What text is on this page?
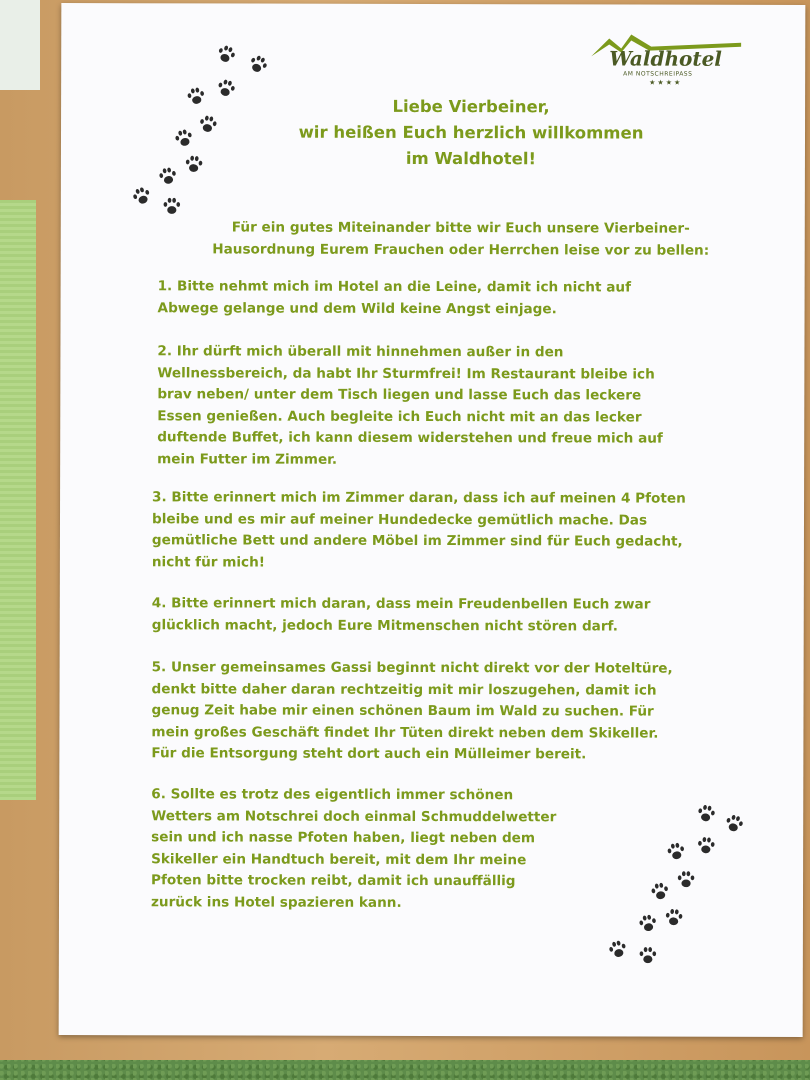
Waldhotel
AM NOTSCHREIPASS
★★★★
Liebe Vierbeiner,
wir heißen Euch herzlich willkommen
im Waldhotel!
Für ein gutes Miteinander bitte wir Euch unsere Vierbeiner-
Hausordnung Eurem Frauchen oder Herrchen leise vor zu bellen:
1. Bitte nehmt mich im Hotel an die Leine, damit ich nicht auf
Abwege gelange und dem Wild keine Angst einjage.
2. Ihr dürft mich überall mit hinnehmen außer in den
Wellnessbereich, da habt Ihr Sturmfrei! Im Restaurant bleibe ich
brav neben/ unter dem Tisch liegen und lasse Euch das leckere
Essen genießen. Auch begleite ich Euch nicht mit an das lecker
duftende Buffet, ich kann diesem widerstehen und freue mich auf
mein Futter im Zimmer.
3. Bitte erinnert mich im Zimmer daran, dass ich auf meinen 4 Pfoten
bleibe und es mir auf meiner Hundedecke gemütlich mache. Das
gemütliche Bett und andere Möbel im Zimmer sind für Euch gedacht,
nicht für mich!
4. Bitte erinnert mich daran, dass mein Freudenbellen Euch zwar
glücklich macht, jedoch Eure Mitmenschen nicht stören darf.
5. Unser gemeinsames Gassi beginnt nicht direkt vor der Hoteltüre,
denkt bitte daher daran rechtzeitig mit mir loszugehen, damit ich
genug Zeit habe mir einen schönen Baum im Wald zu suchen. Für
mein großes Geschäft findet Ihr Tüten direkt neben dem Skikeller.
Für die Entsorgung steht dort auch ein Mülleimer bereit.
6. Sollte es trotz des eigentlich immer schönen
Wetters am Notschrei doch einmal Schmuddelwetter
sein und ich nasse Pfoten haben, liegt neben dem
Skikeller ein Handtuch bereit, mit dem Ihr meine
Pfoten bitte trocken reibt, damit ich unauffällig
zurück ins Hotel spazieren kann.
